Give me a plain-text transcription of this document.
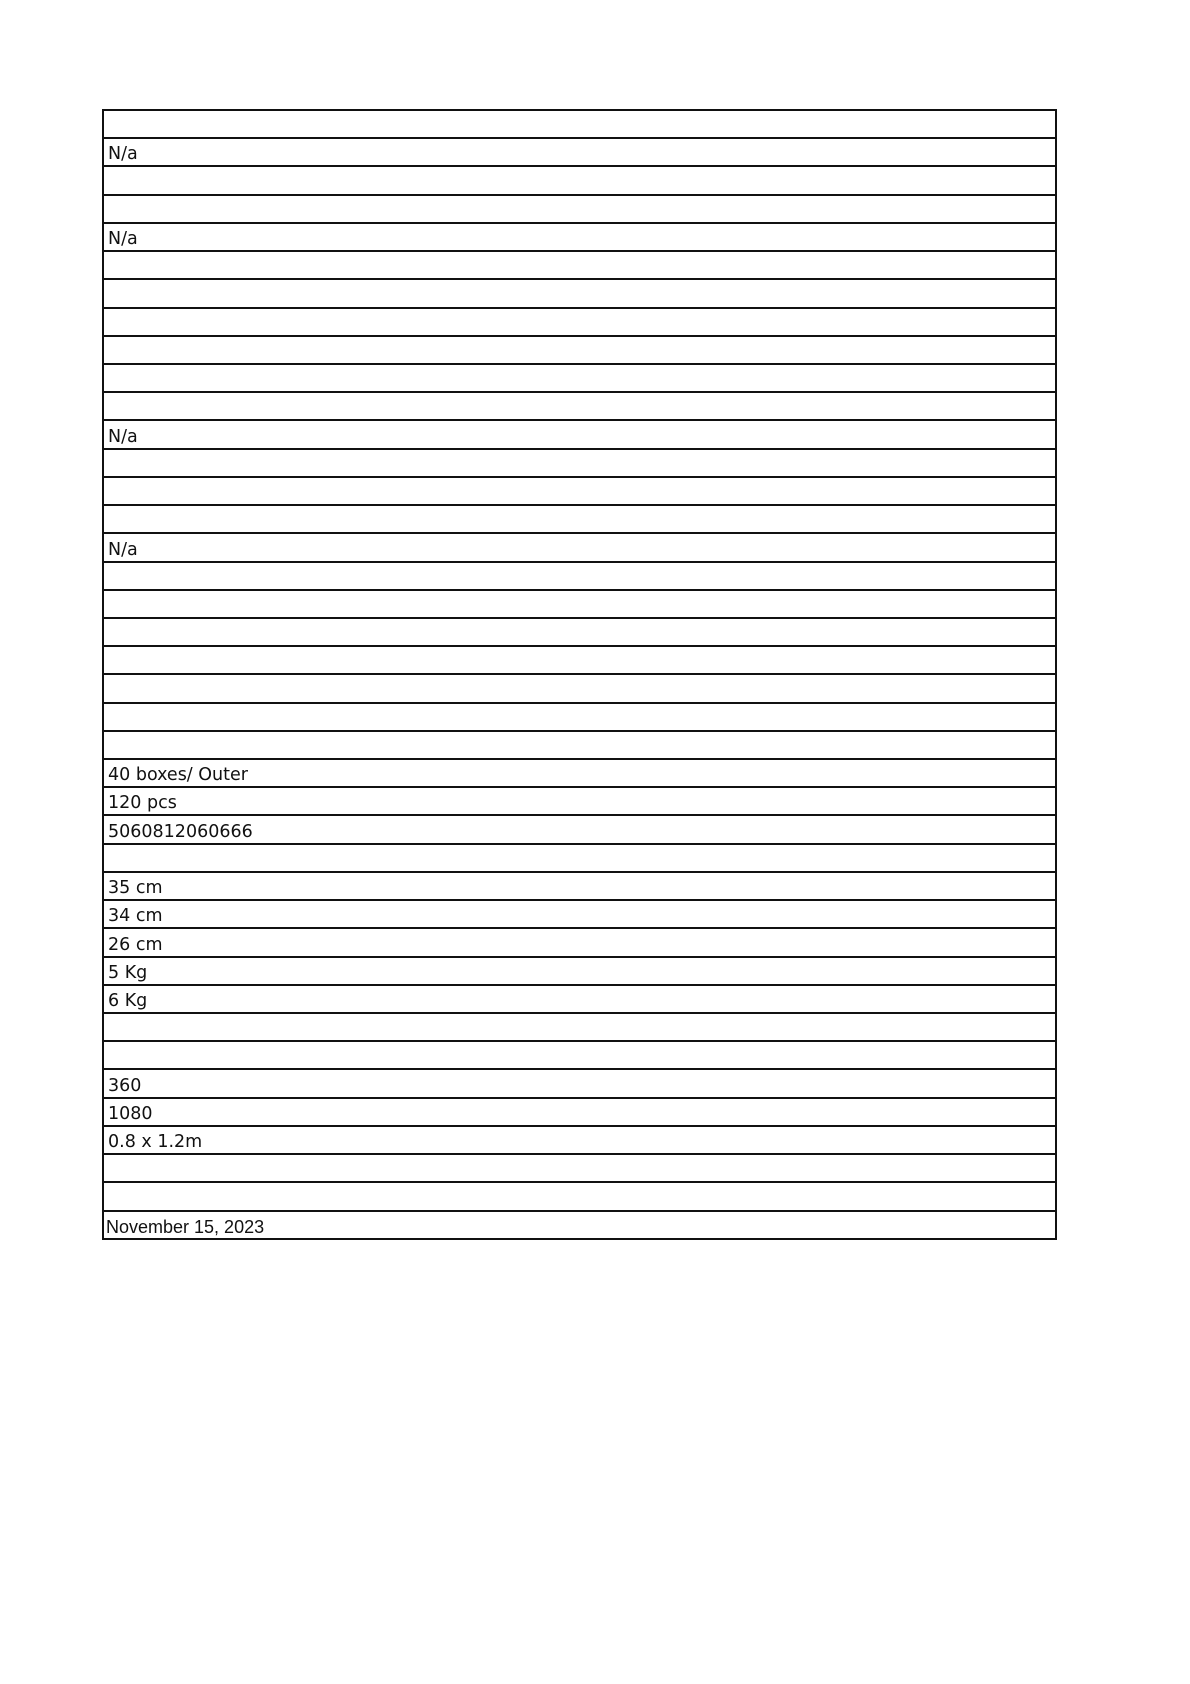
N/a
N/a
N/a
N/a
40 boxes/ Outer
120 pcs
5060812060666
35 cm
34 cm
26 cm
5 Kg
6 Kg
360
1080
0.8 x 1.2m
November 15, 2023
